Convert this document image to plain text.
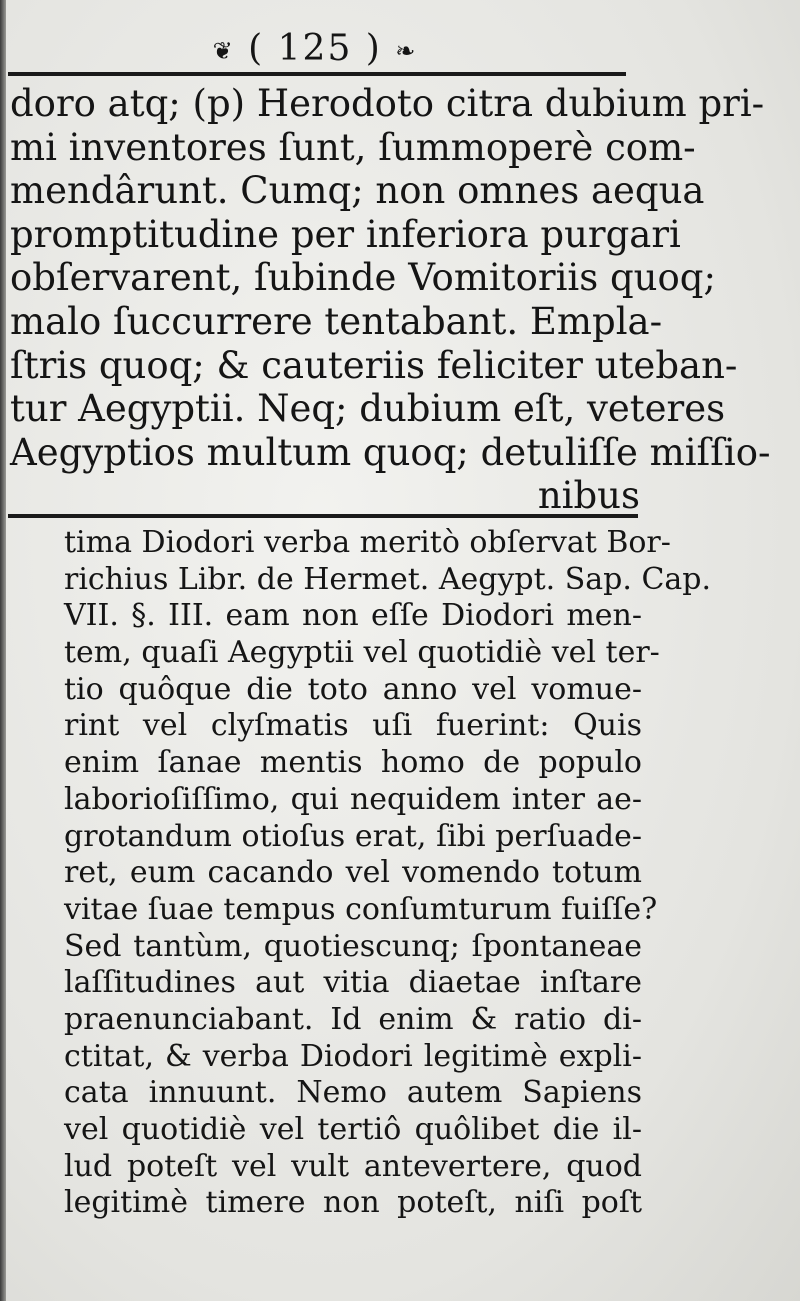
❦ ( 125 ) ❧
doro atq; (p) Herodoto citra dubium pri-
mi inventores ſunt, ſummoperè com-
mendârunt. Cumq; non omnes aequa
promptitudine per inferiora purgari
obſervarent, ſubinde Vomitoriis quoq;
malo ſuccurrere tentabant. Empla-
ſtris quoq; & cauteriis feliciter uteban-
tur Aegyptii. Neq; dubium eſt, veteres
Aegyptios multum quoq; detuliſſe miſſio-
nibus
tima Diodori verba meritò obſervat Bor-
richius Libr. de Hermet. Aegypt. Sap. Cap.
VII. §. III. eam non eſſe Diodori men-
tem, quaſi Aegyptii vel quotidiè vel ter-
tio quôque die toto anno vel vomue-
rint vel clyſmatis uſi fuerint: Quis
enim ſanae mentis homo de populo
laborioſiſſimo, qui nequidem inter ae-
grotandum otioſus erat, ſibi perſuade-
ret, eum cacando vel vomendo totum
vitae ſuae tempus conſumturum fuiſſe?
Sed tantùm, quotiescunq; ſpontaneae
laſſitudines aut vitia diaetae inſtare
praenunciabant. Id enim & ratio di-
ctitat, & verba Diodori legitimè expli-
cata innuunt. Nemo autem Sapiens
vel quotidiè vel tertiô quôlibet die il-
lud poteſt vel vult antevertere, quod
legitimè timere non poteſt, niſi poſt
